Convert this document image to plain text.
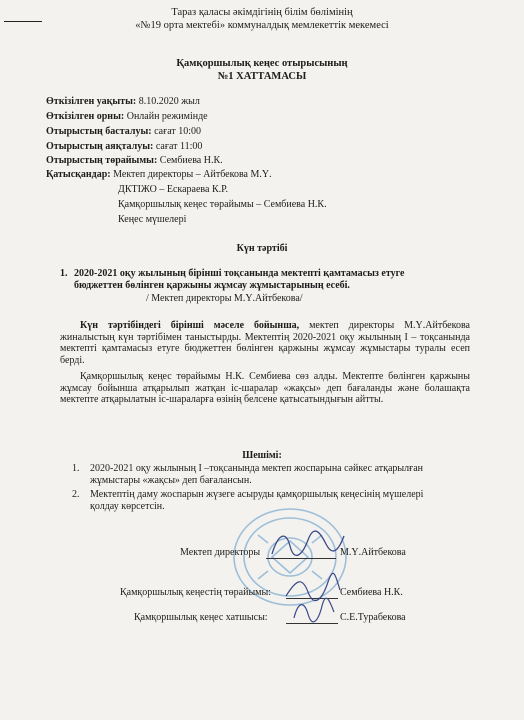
Тараз қаласы әкімдігінің білім бөлімінің
«№19 орта мектебі» коммуналдық мемлекеттік мекемесі
Қамқоршылық кеңес отырысының
№1 ХАТТАМАСЫ
Өткізілген уақыты: 8.10.2020 жыл
Өткізілген орны: Онлайн режимінде
Отырыстың басталуы: сағат 10:00
Отырыстың аяқталуы: сағат 11:00
Отырыстың төрайымы: Сембиева Н.К.
Қатысқандар: Мектеп директоры – Айтбекова М.Ү.
ДКТІЖО – Ескараева К.Р.
Қамқоршылық кеңес төрайымы – Сембиева Н.К.
Кеңес мүшелері
Күн тәртібі
1. 2020-2021 оқу жылының бірінші тоқсанында мектепті қамтамасыз етуге
бюджеттен бөлінген қаржыны жұмсау жұмыстарының есебі.
/ Мектеп директоры М.Ү.Айтбекова/
Күн тәртібіндегі бірінші мәселе бойынша, мектеп директоры М.Ү.Айтбекова жиналыстың күн тәртібімен таныстырды. Мектептің 2020-2021 оқу жылының I – тоқсанында мектепті қамтамасыз етуге бюджеттен бөлінген қаржыны жұмсау жұмыстары туралы есеп берді.
Қамқоршылық кеңес төрайымы Н.К. Сембиева сөз алды. Мектепте бөлінген қаржыны жұмсау бойынша атқарылып жатқан іс-шаралар «жақсы» деп бағаланды және болашақта мектепте атқарылатын іс-шараларға өзінің белсене қатысатындығын айтты.
Шешімі:
1. 2020-2021 оқу жылының I –тоқсанында мектеп жоспарына сәйкес атқарылған
жұмыстары «жақсы» деп бағалансын.
2. Мектептің даму жоспарын жүзеге асыруды қамқоршылық кеңесінің мүшелері
қолдау көрсетсін.
Мектеп директоры	М.Ү.Айтбекова
Қамқоршылық кеңестің төрайымы:	Сембиева Н.К.
Қамқоршылық кеңес хатшысы:	С.Е.Турабекова
